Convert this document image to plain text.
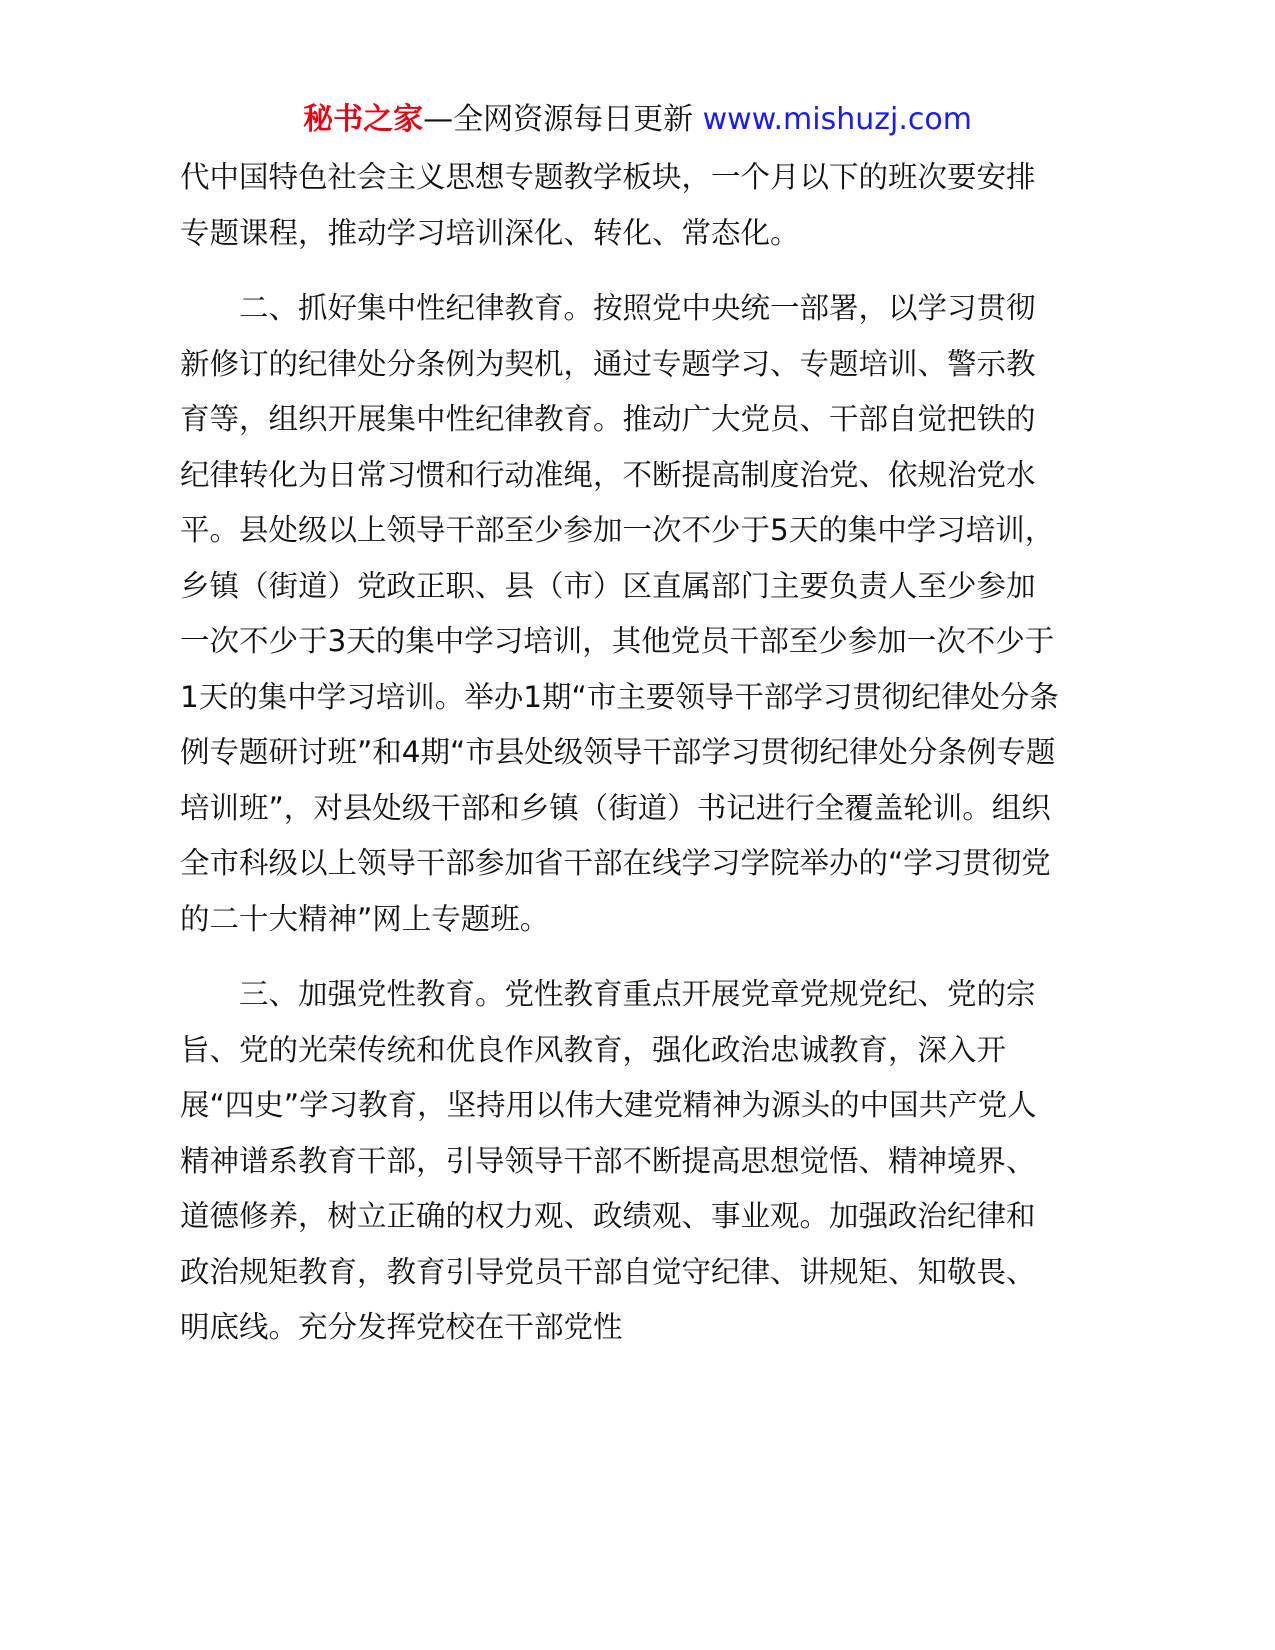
秘书之家—全网资源每日更新 www.mishuzj.com

代中国特色社会主义思想专题教学板块，一个月以下的班次要安排专题课程，推动学习培训深化、转化、常态化。

二、抓好集中性纪律教育。按照党中央统一部署，以学习贯彻新修订的纪律处分条例为契机，通过专题学习、专题培训、警示教育等，组织开展集中性纪律教育。推动广大党员、干部自觉把铁的纪律转化为日常习惯和行动准绳，不断提高制度治党、依规治党水平。县处级以上领导干部至少参加一次不少于5天的集中学习培训，乡镇（街道）党政正职、县（市）区直属部门主要负责人至少参加一次不少于3天的集中学习培训，其他党员干部至少参加一次不少于1天的集中学习培训。举办1期“市主要领导干部学习贯彻纪律处分条例专题研讨班”和4期“市县处级领导干部学习贯彻纪律处分条例专题培训班”，对县处级干部和乡镇（街道）书记进行全覆盖轮训。组织全市科级以上领导干部参加省干部在线学习学院举办的“学习贯彻党的二十大精神”网上专题班。

三、加强党性教育。党性教育重点开展党章党规党纪、党的宗旨、党的光荣传统和优良作风教育，强化政治忠诚教育，深入开展“四史”学习教育，坚持用以伟大建党精神为源头的中国共产党人精神谱系教育干部，引导领导干部不断提高思想觉悟、精神境界、道德修养，树立正确的权力观、政绩观、事业观。加强政治纪律和政治规矩教育，教育引导党员干部自觉守纪律、讲规矩、知敬畏、明底线。充分发挥党校在干部党性
